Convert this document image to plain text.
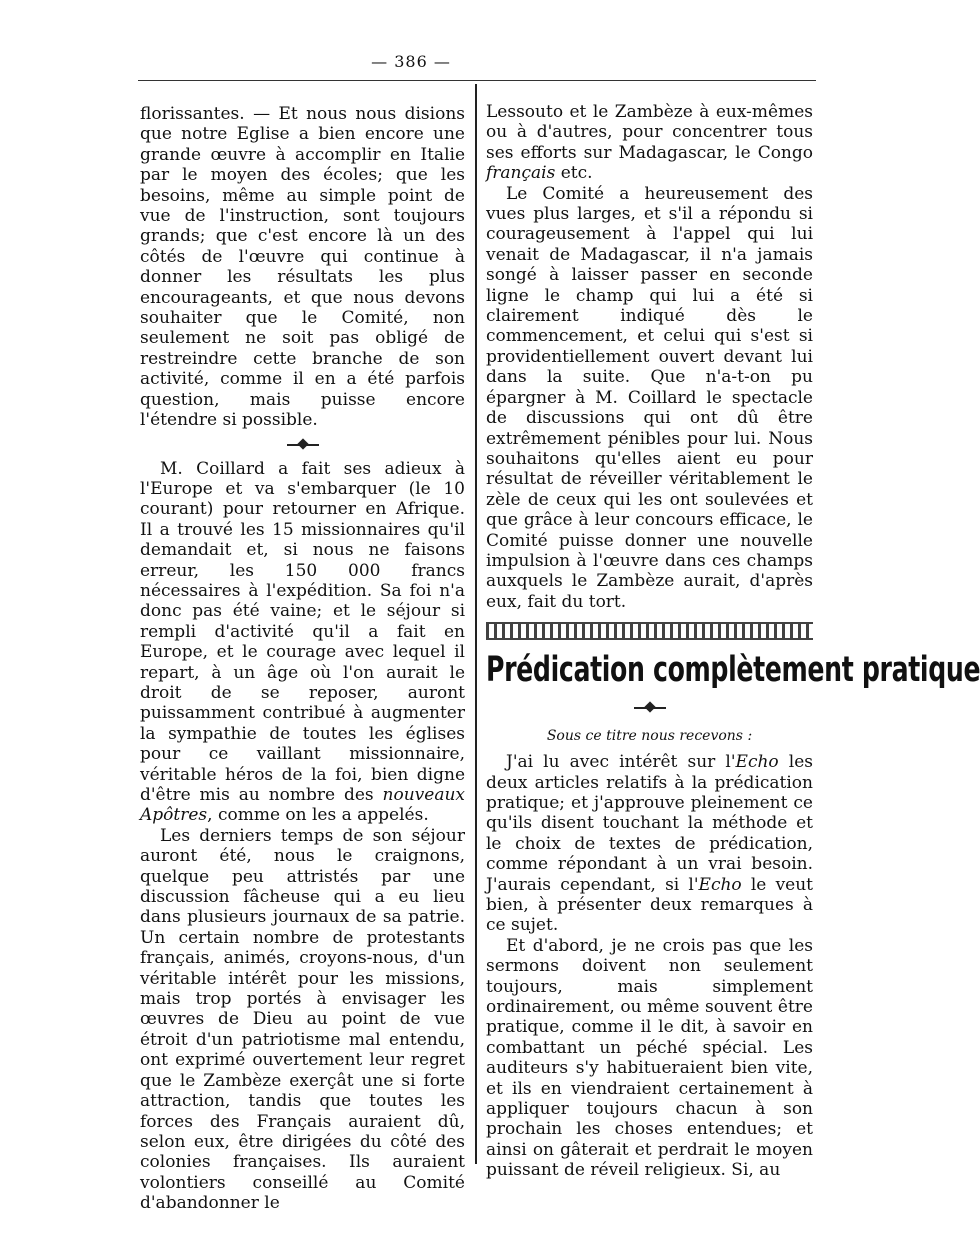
— 386 —

florissantes. — Et nous nous disions que notre Eglise a bien encore une grande œuvre à accomplir en Italie par le moyen des écoles; que les besoins, même au simple point de vue de l'instruction, sont toujours grands; que c'est encore là un des côtés de l'œuvre qui continue à donner les résultats les plus encourageants, et que nous devons souhaiter que le Comité, non seulement ne soit pas obligé de restreindre cette branche de son activité, comme il en a été parfois question, mais puisse encore l'étendre si possible.

M. Coillard a fait ses adieux à l'Europe et va s'embarquer (le 10 courant) pour retourner en Afrique. Il a trouvé les 15 missionnaires qu'il demandait et, si nous ne faisons erreur, les 150 000 francs nécessaires à l'expédition. Sa foi n'a donc pas été vaine; et le séjour si rempli d'activité qu'il a fait en Europe, et le courage avec lequel il repart, à un âge où l'on aurait le droit de se reposer, auront puissamment contribué à augmenter la sympathie de toutes les églises pour ce vaillant missionnaire, véritable héros de la foi, bien digne d'être mis au nombre des nouveaux Apôtres, comme on les a appelés.

Les derniers temps de son séjour auront été, nous le craignons, quelque peu attristés par une discussion fâcheuse qui a eu lieu dans plusieurs journaux de sa patrie. Un certain nombre de protestants français, animés, croyons-nous, d'un véritable intérêt pour les missions, mais trop portés à envisager les œuvres de Dieu au point de vue étroit d'un patriotisme mal entendu, ont exprimé ouvertement leur regret que le Zambèze exerçât une si forte attraction, tandis que toutes les forces des Français auraient dû, selon eux, être dirigées du côté des colonies françaises. Ils auraient volontiers conseillé au Comité d'abandonner le

Lessouto et le Zambèze à eux-mêmes ou à d'autres, pour concentrer tous ses efforts sur Madagascar, le Congo français etc.

Le Comité a heureusement des vues plus larges, et s'il a répondu si courageusement à l'appel qui lui venait de Madagascar, il n'a jamais songé à laisser passer en seconde ligne le champ qui lui a été si clairement indiqué dès le commencement, et celui qui s'est si providentiellement ouvert devant lui dans la suite. Que n'a-t-on pu épargner à M. Coillard le spectacle de discussions qui ont dû être extrêmement pénibles pour lui. Nous souhaitons qu'elles aient eu pour résultat de réveiller véritablement le zèle de ceux qui les ont soulevées et que grâce à leur concours efficace, le Comité puisse donner une nouvelle impulsion à l'œuvre dans ces champs auxquels le Zambèze aurait, d'après eux, fait du tort.

Prédication complètement pratique
Sous ce titre nous recevons :

J'ai lu avec intérêt sur l'Echo les deux articles relatifs à la prédication pratique; et j'approuve pleinement ce qu'ils disent touchant la méthode et le choix de textes de prédication, comme répondant à un vrai besoin. J'aurais cependant, si l'Echo le veut bien, à présenter deux remarques à ce sujet.

Et d'abord, je ne crois pas que les sermons doivent non seulement toujours, mais simplement ordinairement, ou même souvent être pratique, comme il le dit, à savoir en combattant un péché spécial. Les auditeurs s'y habitueraient bien vite, et ils en viendraient certainement à appliquer toujours chacun à son prochain les choses entendues; et ainsi on gâterait et perdrait le moyen puissant de réveil religieux. Si, au
